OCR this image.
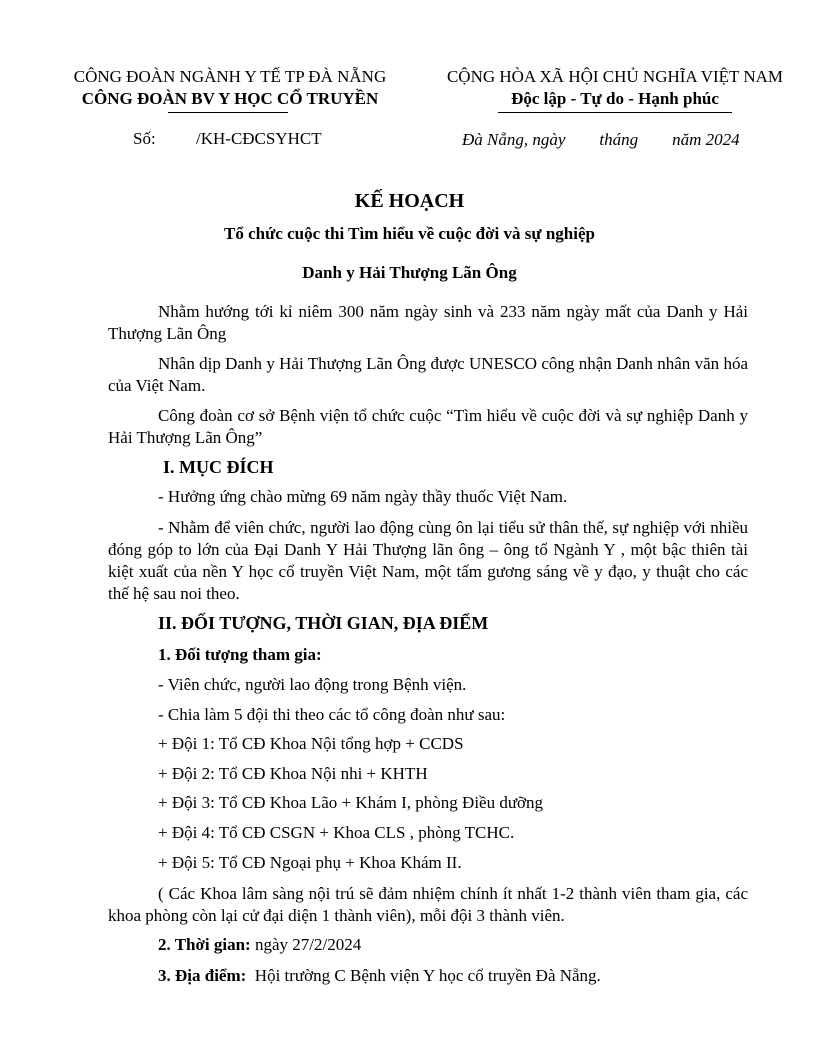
CÔNG ĐOÀN NGÀNH Y TẾ TP ĐÀ NẴNG
CÔNG ĐOÀN BV Y HỌC CỔ TRUYỀN
CỘNG HÒA XÃ HỘI CHỦ NGHĨA VIỆT NAM
Độc lập - Tự do - Hạnh phúc
Số: /KH-CĐCSYHCT	Đà Nẵng, ngày        tháng        năm 2024
KẾ HOẠCH
Tổ chức cuộc thi Tìm hiểu về cuộc đời và sự nghiệp
Danh y Hải Thượng Lãn Ông
Nhằm hướng tới kỉ niêm 300 năm ngày sinh và 233 năm ngày mất của Danh y Hải Thượng Lãn Ông
Nhân dịp Danh y Hải Thượng Lãn Ông được UNESCO công nhận Danh nhân văn hóa của Việt Nam.
Công đoàn cơ sở Bệnh viện tổ chức cuộc “Tìm hiểu về cuộc đời và sự nghiệp Danh y Hải Thượng Lãn Ông”
I. MỤC ĐÍCH
- Hưởng ứng chào mừng 69 năm ngày thầy thuốc Việt Nam.
- Nhằm để viên chức, người lao động cùng ôn lại tiểu sử thân thế, sự nghiệp với nhiều đóng góp to lớn của Đại Danh Y Hải Thượng lãn ông – ông tổ Ngành Y , một bậc thiên tài kiệt xuất của nền Y học cổ truyền Việt Nam, một tấm gương sáng về y đạo, y thuật cho các thế hệ sau noi theo.
II. ĐỐI TƯỢNG, THỜI GIAN, ĐỊA ĐIỂM
1. Đối tượng tham gia:
- Viên chức, người lao động trong Bệnh viện.
- Chia làm 5 đội thi theo các tổ công đoàn như sau:
+ Đội 1: Tổ CĐ Khoa Nội tổng hợp + CCDS
+ Đội 2: Tổ CĐ Khoa Nội nhi + KHTH
+ Đội 3: Tổ CĐ Khoa Lão + Khám I, phòng Điều dưỡng
+ Đội 4: Tổ CĐ CSGN + Khoa CLS , phòng TCHC.
+ Đội 5: Tổ CĐ Ngoại phụ + Khoa Khám II.
( Các Khoa lâm sàng nội trú sẽ đảm nhiệm chính ít nhất 1-2 thành viên tham gia, các khoa phòng còn lại cử đại diện 1 thành viên), mỗi đội 3 thành viên.
2. Thời gian: ngày 27/2/2024
3. Địa điểm:  Hội trường C Bệnh viện Y học cổ truyền Đà Nẵng.
